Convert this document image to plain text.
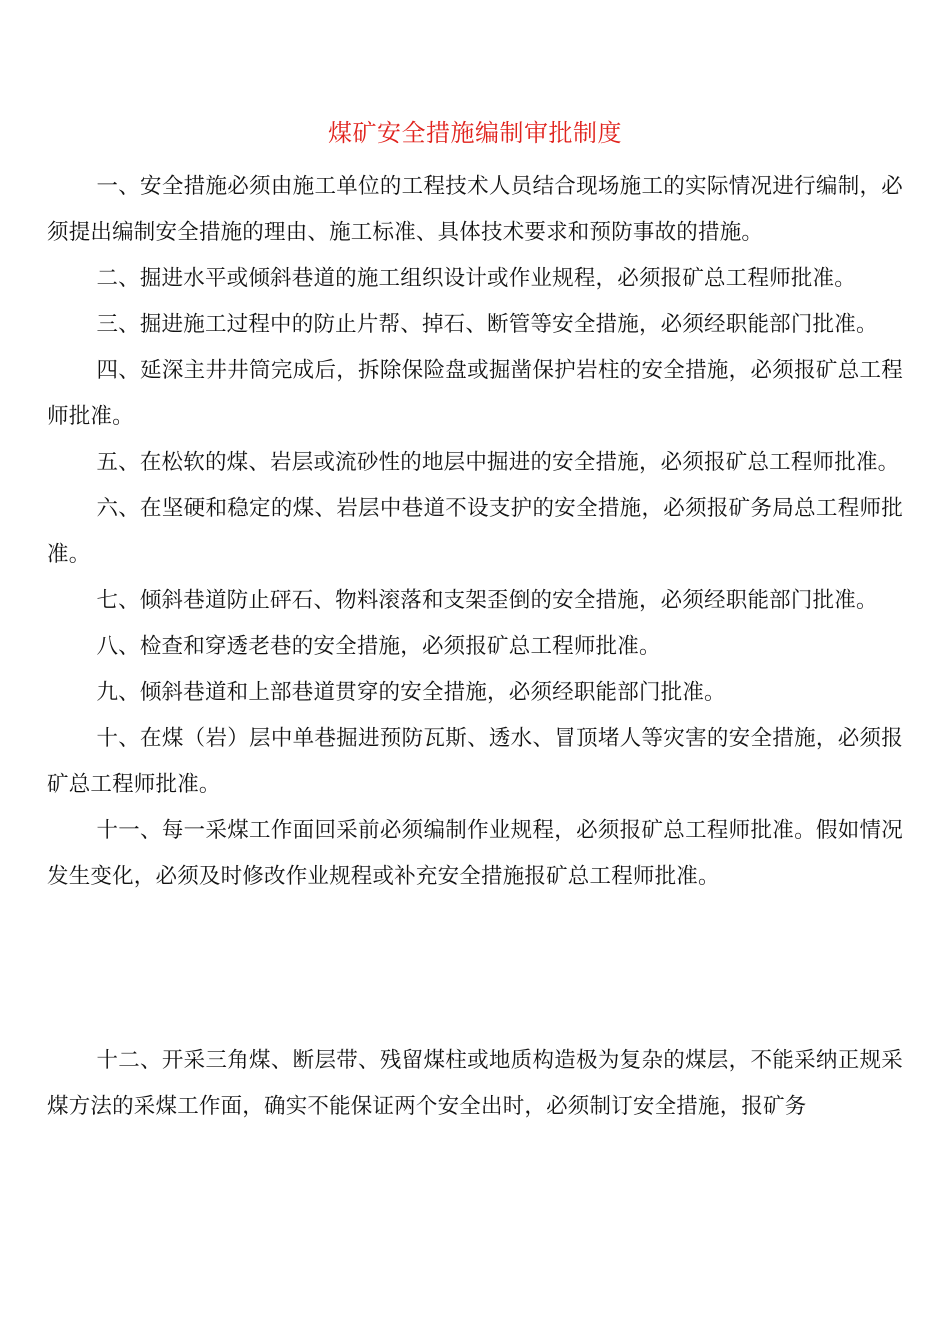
煤矿安全措施编制审批制度

一、安全措施必须由施工单位的工程技术人员结合现场施工的实际情况进行编制，必须提出编制安全措施的理由、施工标准、具体技术要求和预防事故的措施。

二、掘进水平或倾斜巷道的施工组织设计或作业规程，必须报矿总工程师批准。

三、掘进施工过程中的防止片帮、掉石、断管等安全措施，必须经职能部门批准。

四、延深主井井筒完成后，拆除保险盘或掘凿保护岩柱的安全措施，必须报矿总工程师批准。

五、在松软的煤、岩层或流砂性的地层中掘进的安全措施，必须报矿总工程师批准。

六、在坚硬和稳定的煤、岩层中巷道不设支护的安全措施，必须报矿务局总工程师批准。

七、倾斜巷道防止砰石、物料滚落和支架歪倒的安全措施，必须经职能部门批准。

八、检查和穿透老巷的安全措施，必须报矿总工程师批准。

九、倾斜巷道和上部巷道贯穿的安全措施，必须经职能部门批准。

十、在煤（岩）层中单巷掘进预防瓦斯、透水、冒顶堵人等灾害的安全措施，必须报矿总工程师批准。

十一、每一采煤工作面回采前必须编制作业规程，必须报矿总工程师批准。假如情况发生变化，必须及时修改作业规程或补充安全措施报矿总工程师批准。

十二、开采三角煤、断层带、残留煤柱或地质构造极为复杂的煤层，不能采纳正规采煤方法的采煤工作面，确实不能保证两个安全出时，必须制订安全措施，报矿务
